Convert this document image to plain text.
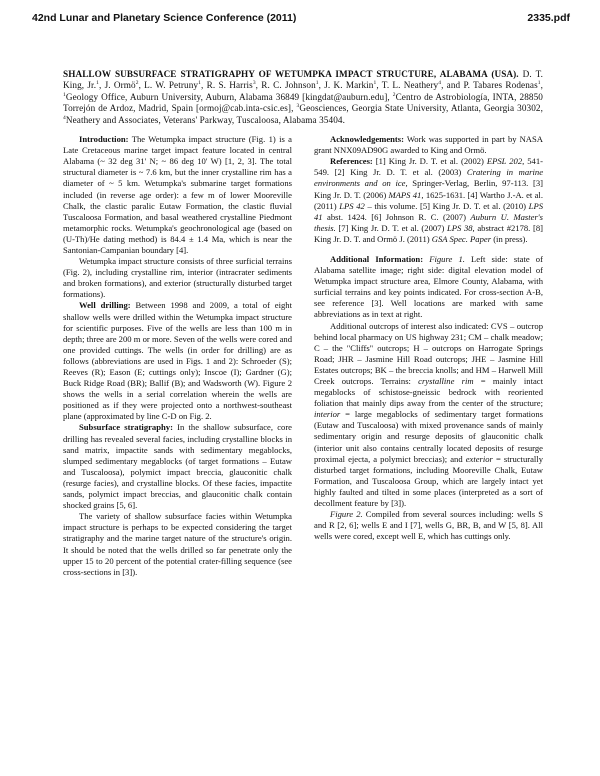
42nd Lunar and Planetary Science Conference (2011)	2335.pdf

SHALLOW SUBSURFACE STRATIGRAPHY OF WETUMPKA IMPACT STRUCTURE, ALABAMA (USA). D. T. King, Jr.$^1$, J. Ormö$^2$, L. W. Petruny$^1$, R. S. Harris$^3$, R. C. Johnson$^1$, J. K. Markin$^1$, T. L. Neathery$^4$, and P. Tabares Rodenas$^1$, $^1$Geology Office, Auburn University, Auburn, Alabama 36849 [kingdat@auburn.edu], $^2$Centro de Astrobiología, INTA, 28850 Torrejón de Ardoz, Madrid, Spain [ormoj@cab.inta-csic.es], $^3$Geosciences, Georgia State University, Atlanta, Georgia 30302, $^4$Neathery and Associates, Veterans' Parkway, Tuscaloosa, Alabama 35404.

Introduction: The Wetumpka impact structure (Fig. 1) is a Late Cretaceous marine target impact feature located in central Alabama (~ 32 deg 31' N; ~ 86 deg 10' W) [1, 2, 3]. The total structural diameter is ~ 7.6 km, but the inner crystalline rim has a diameter of ~ 5 km. Wetumpka's submarine target formations included (in reverse age order): a few m of lower Mooreville Chalk, the clastic paralic Eutaw Formation, the clastic fluvial Tuscaloosa Formation, and basal weathered crystalline Piedmont metamorphic rocks. Wetumpka's geochronological age (based on (U-Th)/He dating method) is 84.4 ± 1.4 Ma, which is near the Santonian-Campanian boundary [4].

Wetumpka impact structure consists of three surficial terrains (Fig. 2), including crystalline rim, interior (intracrater sediments and broken formations), and exterior (structurally disturbed target formations).

Well drilling: Between 1998 and 2009, a total of eight shallow wells were drilled within the Wetumpka impact structure for scientific purposes. Five of the wells are less than 100 m in depth; three are 200 m or more. Seven of the wells were cored and one provided cuttings. The wells (in order for drilling) are as follows (abbreviations are used in Figs. 1 and 2): Schroeder (S); Reeves (R); Eason (E; cuttings only); Inscoe (I); Gardner (G); Buck Ridge Road (BR); Ballif (B); and Wadsworth (W). Figure 2 shows the wells in a serial correlation wherein the wells are positioned as if they were projected onto a northwest-southeast plane (approximated by line C-D on Fig. 2.

Subsurface stratigraphy: In the shallow subsurface, core drilling has revealed several facies, including crystalline blocks in sand matrix, impactite sands with sedimentary megablocks, slumped sedimentary megablocks (of target formations – Eutaw and Tuscaloosa), polymict impact breccia, glauconitic chalk (resurge facies), and crystalline blocks. Of these facies, impactite sands, polymict impact breccias, and glauconitic chalk contain shocked grains [5, 6].

The variety of shallow subsurface facies within Wetumpka impact structure is perhaps to be expected considering the target stratigraphy and the marine target nature of the structure's origin. It should be noted that the wells drilled so far penetrate only the upper 15 to 20 percent of the potential crater-filling sequence (see cross-sections in [3]).

Acknowledgements: Work was supported in part by NASA grant NNX09AD90G awarded to King and Ormö.

References: [1] King Jr. D. T. et al. (2002) EPSL 202, 541-549. [2] King Jr. D. T. et al. (2003) Cratering in marine environments and on ice, Springer-Verlag, Berlin, 97-113. [3] King Jr. D. T. (2006) MAPS 41, 1625-1631. [4] Wartho J.-A. et al. (2011) LPS 42 – this volume. [5] King Jr. D. T. et al. (2010) LPS 41 abst. 1424. [6] Johnson R. C. (2007) Auburn U. Master's thesis. [7] King Jr. D. T. et al. (2007) LPS 38, abstract #2178. [8] King Jr. D. T. and Ormö J. (2011) GSA Spec. Paper (in press).

Additional Information: Figure 1. Left side: state of Alabama satellite image; right side: digital elevation model of Wetumpka impact structure area, Elmore County, Alabama, with surficial terrains and key points indicated. For cross-section A-B, see reference [3]. Well locations are marked with same abbreviations as in text at right.

Additional outcrops of interest also indicated: CVS – outcrop behind local pharmacy on US highway 231; CM – chalk meadow; C – the "Cliffs" outcrops; H – outcrops on Harrogate Springs Road; JHR – Jasmine Hill Road outcrops; JHE – Jasmine Hill Estates outcrops; BK – the breccia knolls; and HM – Harwell Mill Creek outcrops. Terrains: crystalline rim = mainly intact megablocks of schistose-gneissic bedrock with reoriented foliation that mainly dips away from the center of the structure; interior = large megablocks of sedimentary target formations (Eutaw and Tuscaloosa) with mixed provenance sands of mainly sedimentary origin and resurge deposits of glauconitic chalk (interior unit also contains centrally located deposits of resurge proximal ejecta, a polymict breccias); and exterior = structurally disturbed target formations, including Mooreville Chalk, Eutaw Formation, and Tuscaloosa Group, which are largely intact yet highly faulted and tilted in some places (interpreted as a sort of decollment feature by [3]).

Figure 2. Compiled from several sources including: wells S and R [2, 6]; wells E and I [7], wells G, BR, B, and W [5, 8]. All wells were cored, except well E, which has cuttings only.
